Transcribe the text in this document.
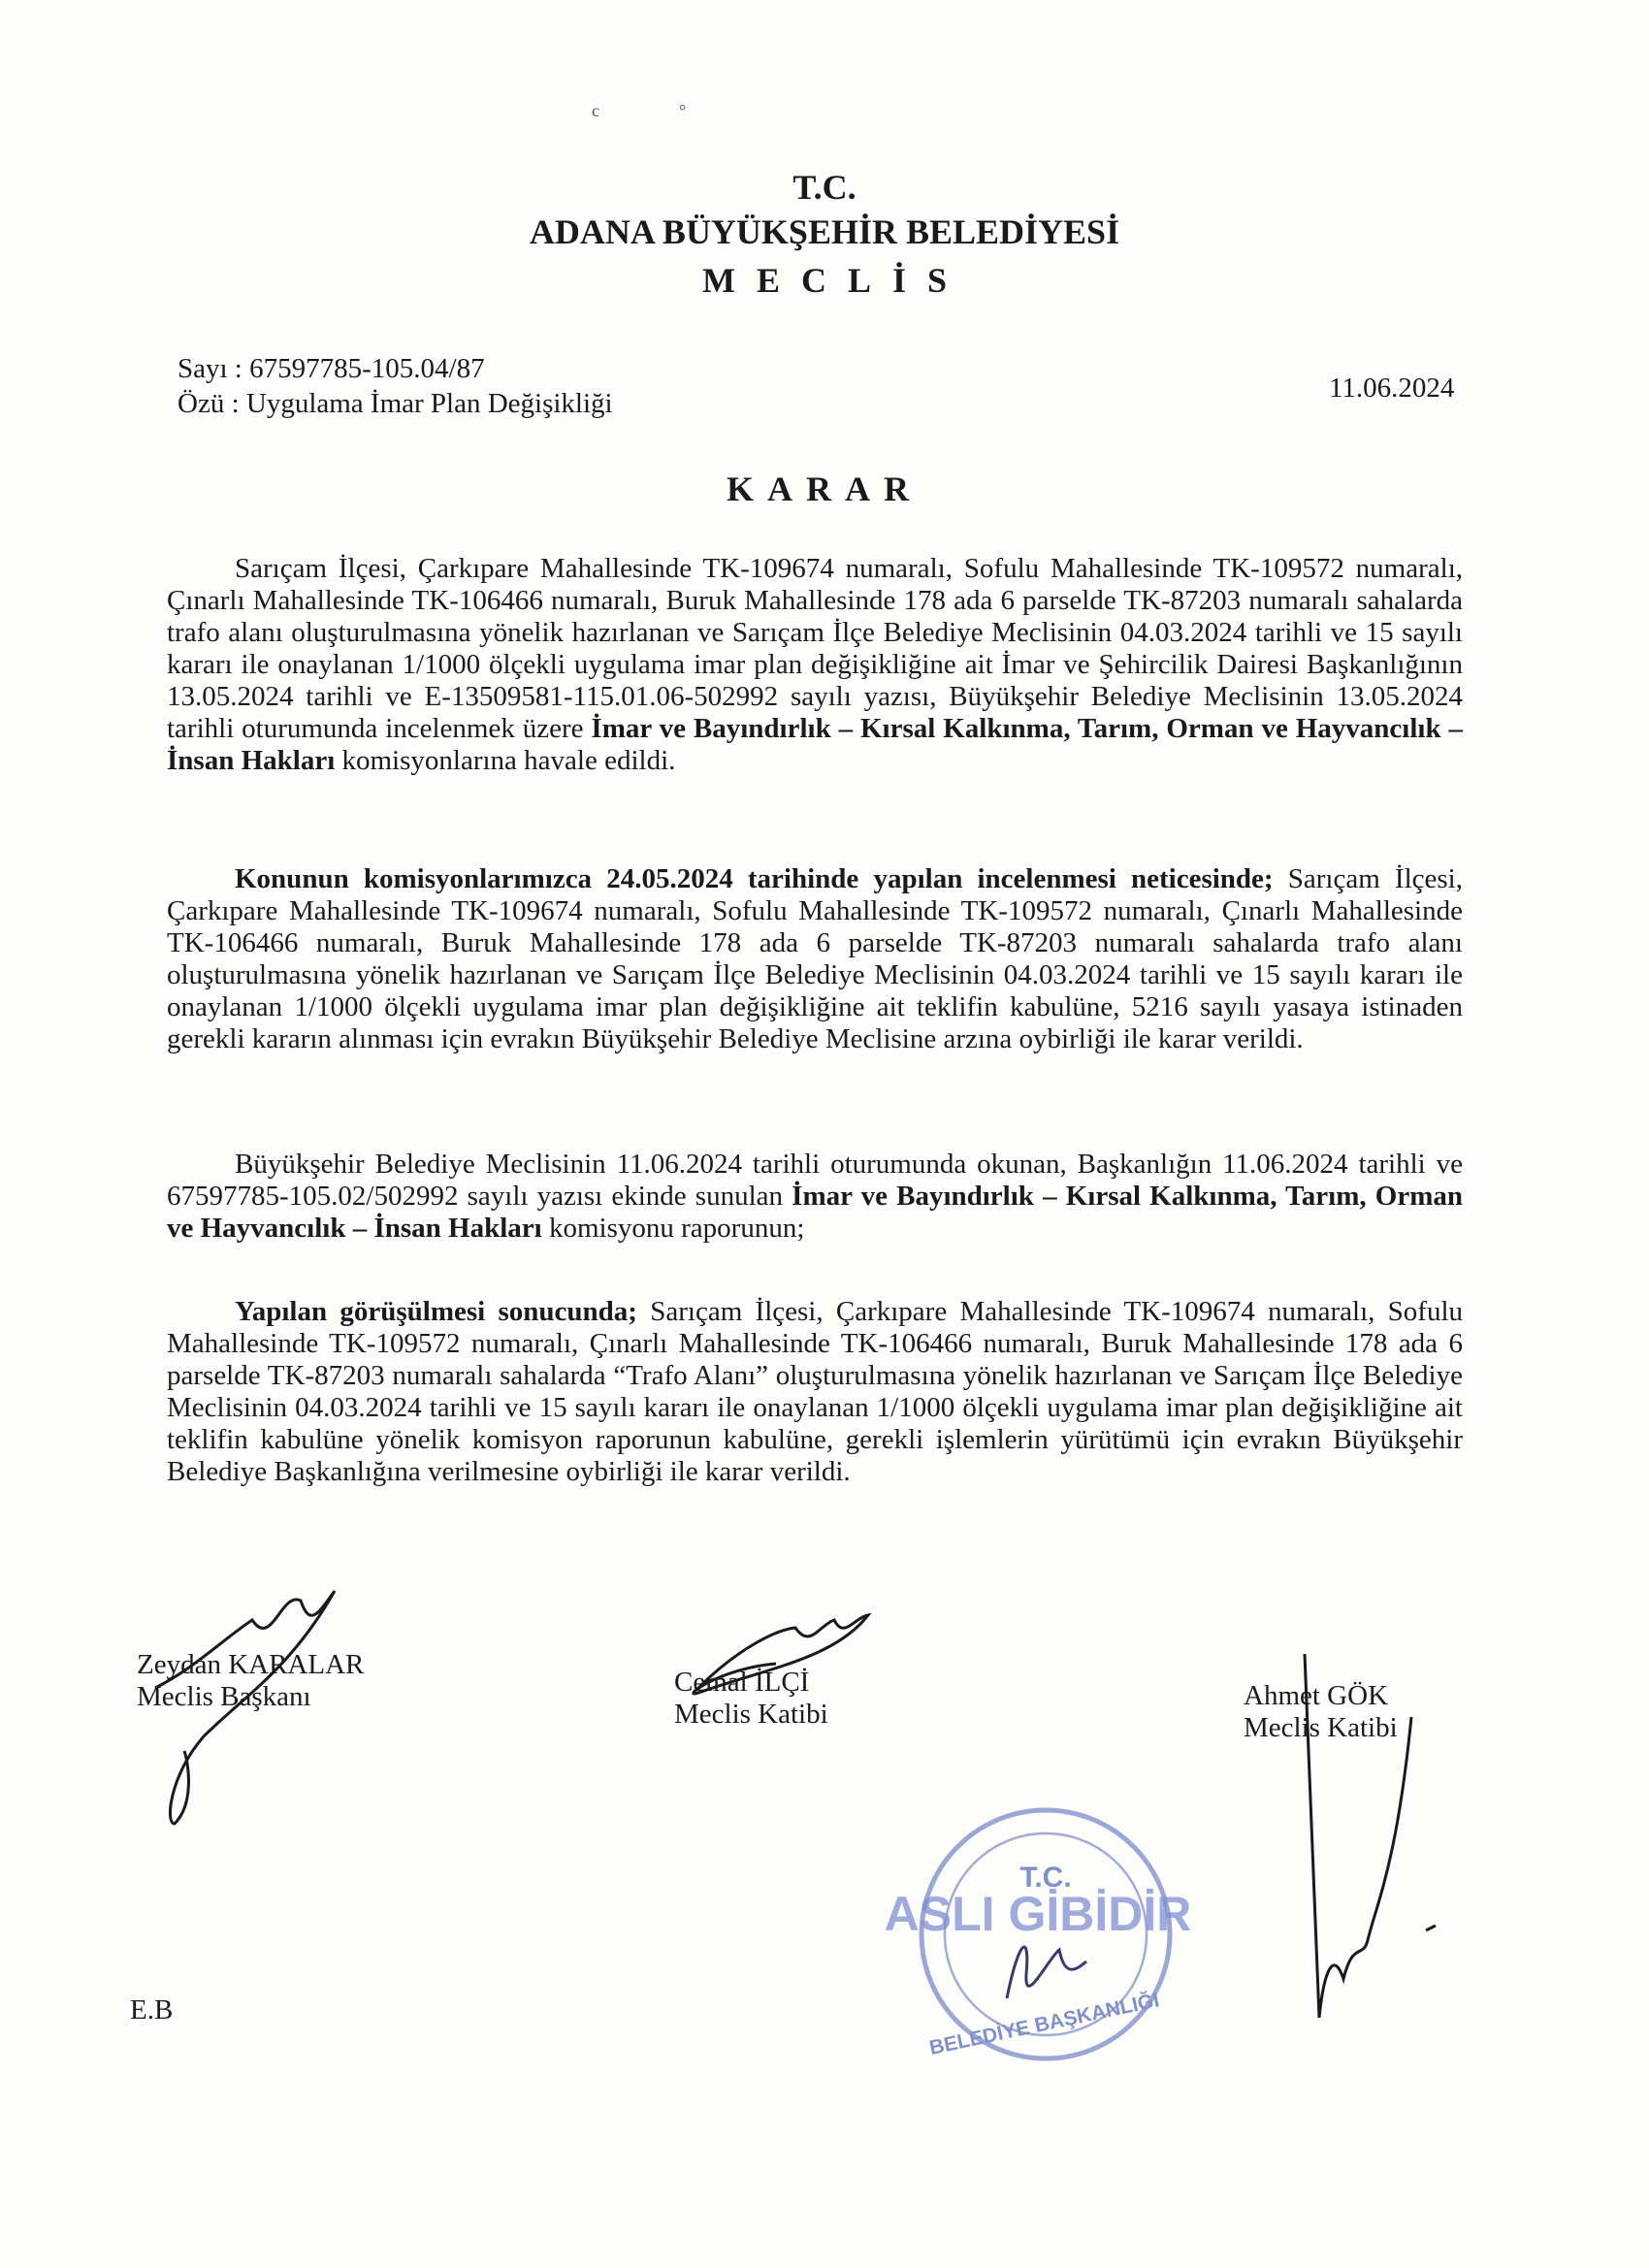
c	°
T.C.
ADANA BÜYÜKŞEHİR BELEDİYESİ
MECLİS
Sayı : 67597785-105.04/87
Özü : Uygulama İmar Plan Değişikliği	11.06.2024
KARAR
Sarıçam İlçesi, Çarkıpare Mahallesinde TK-109674 numaralı, Sofulu Mahallesinde TK-109572 numaralı, Çınarlı Mahallesinde TK-106466 numaralı, Buruk Mahallesinde 178 ada 6 parselde TK-87203 numaralı sahalarda trafo alanı oluşturulmasına yönelik hazırlanan ve Sarıçam İlçe Belediye Meclisinin 04.03.2024 tarihli ve 15 sayılı kararı ile onaylanan 1/1000 ölçekli uygulama imar plan değişikliğine ait İmar ve Şehircilik Dairesi Başkanlığının 13.05.2024 tarihli ve E-13509581-115.01.06-502992 sayılı yazısı, Büyükşehir Belediye Meclisinin 13.05.2024 tarihli oturumunda incelenmek üzere İmar ve Bayındırlık – Kırsal Kalkınma, Tarım, Orman ve Hayvancılık – İnsan Hakları komisyonlarına havale edildi.
Konunun komisyonlarımızca 24.05.2024 tarihinde yapılan incelenmesi neticesinde; Sarıçam İlçesi, Çarkıpare Mahallesinde TK-109674 numaralı, Sofulu Mahallesinde TK-109572 numaralı, Çınarlı Mahallesinde TK-106466 numaralı, Buruk Mahallesinde 178 ada 6 parselde TK-87203 numaralı sahalarda trafo alanı oluşturulmasına yönelik hazırlanan ve Sarıçam İlçe Belediye Meclisinin 04.03.2024 tarihli ve 15 sayılı kararı ile onaylanan 1/1000 ölçekli uygulama imar plan değişikliğine ait teklifin kabulüne, 5216 sayılı yasaya istinaden gerekli kararın alınması için evrakın Büyükşehir Belediye Meclisine arzına oybirliği ile karar verildi.
Büyükşehir Belediye Meclisinin 11.06.2024 tarihli oturumunda okunan, Başkanlığın 11.06.2024 tarihli ve 67597785-105.02/502992 sayılı yazısı ekinde sunulan İmar ve Bayındırlık – Kırsal Kalkınma, Tarım, Orman ve Hayvancılık – İnsan Hakları komisyonu raporunun;
Yapılan görüşülmesi sonucunda; Sarıçam İlçesi, Çarkıpare Mahallesinde TK-109674 numaralı, Sofulu Mahallesinde TK-109572 numaralı, Çınarlı Mahallesinde TK-106466 numaralı, Buruk Mahallesinde 178 ada 6 parselde TK-87203 numaralı sahalarda “Trafo Alanı” oluşturulmasına yönelik hazırlanan ve Sarıçam İlçe Belediye Meclisinin 04.03.2024 tarihli ve 15 sayılı kararı ile onaylanan 1/1000 ölçekli uygulama imar plan değişikliğine ait teklifin kabulüne yönelik komisyon raporunun kabulüne, gerekli işlemlerin yürütümü için evrakın Büyükşehir Belediye Başkanlığına verilmesine oybirliği ile karar verildi.
Zeydan KARALAR
Meclis Başkanı	Cemal İLÇİ
Meclis Katibi
Ahmet GÖK
Meclis Katibi
E.B
T.C.
BELEDİYE BAŞKANLIĞI
ASLI GİBİDİR
